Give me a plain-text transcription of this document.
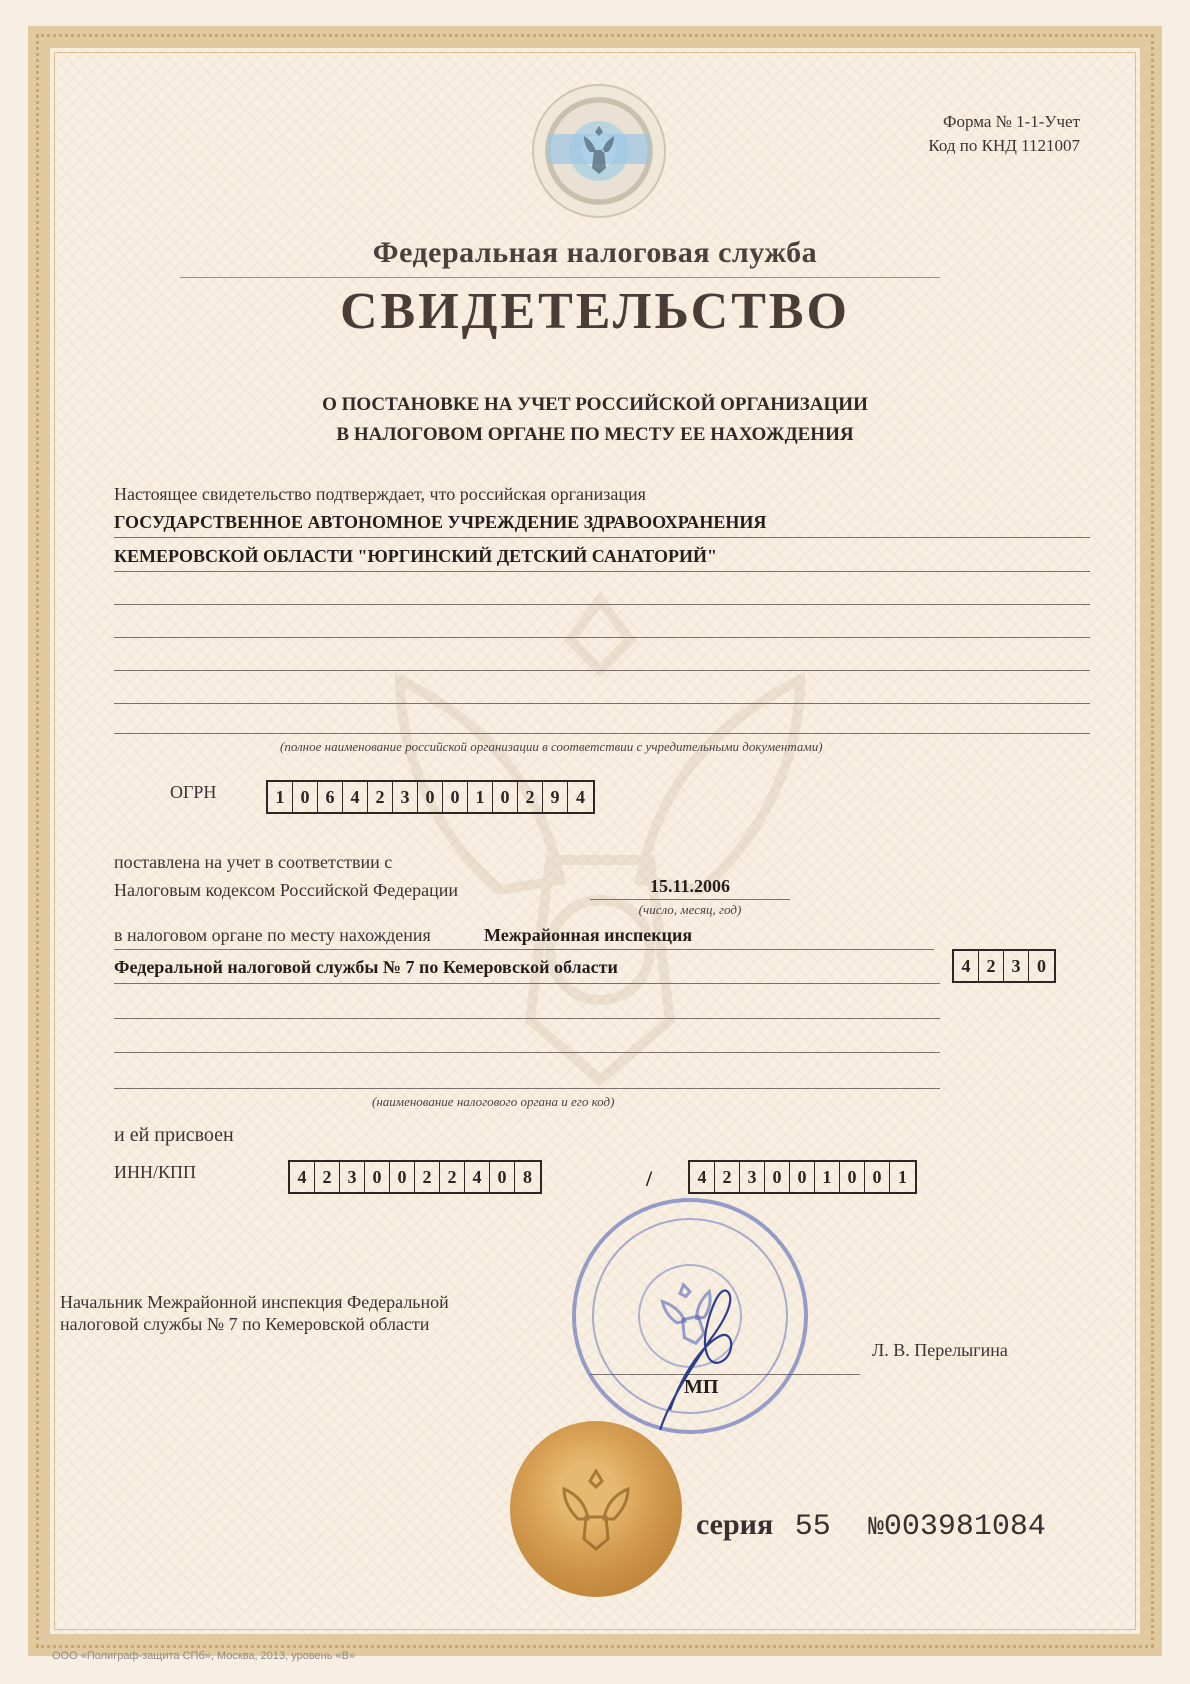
Форма № 1-1-Учет
Код по КНД 1121007
Федеральная налоговая служба
СВИДЕТЕЛЬСТВО
О ПОСТАНОВКЕ НА УЧЕТ РОССИЙСКОЙ ОРГАНИЗАЦИИ
В НАЛОГОВОМ ОРГАНЕ ПО МЕСТУ ЕЕ НАХОЖДЕНИЯ
Настоящее свидетельство подтверждает, что российская организация
ГОСУДАРСТВЕННОЕ АВТОНОМНОЕ УЧРЕЖДЕНИЕ ЗДРАВООХРАНЕНИЯ
КЕМЕРОВСКОЙ ОБЛАСТИ "ЮРГИНСКИЙ ДЕТСКИЙ САНАТОРИЙ"
(полное наименование российской организации в соответствии с учредительными документами)
ОГРН	1 0 6 4 2 3 0 0 1 0 2 9 4
поставлена на учет в соответствии с
Налоговым кодексом Российской Федерации	15.11.2006
(число, месяц, год)
в налоговом органе по месту нахождения	Межрайонная инспекция
Федеральной налоговой службы № 7 по Кемеровской области	4 2 3 0
(наименование налогового органа и его код)
и ей присвоен
ИНН/КПП	4 2 3 0 0 2 2 4 0 8	/	4 2 3 0 0 1 0 0 1
Начальник Межрайонной инспекция Федеральной
налоговой службы № 7 по Кемеровской области
Л. В. Перелыгина
МП
серия 55 №003981084
ООО «Полиграф-защита СПб», Москва, 2013, уровень «В»
